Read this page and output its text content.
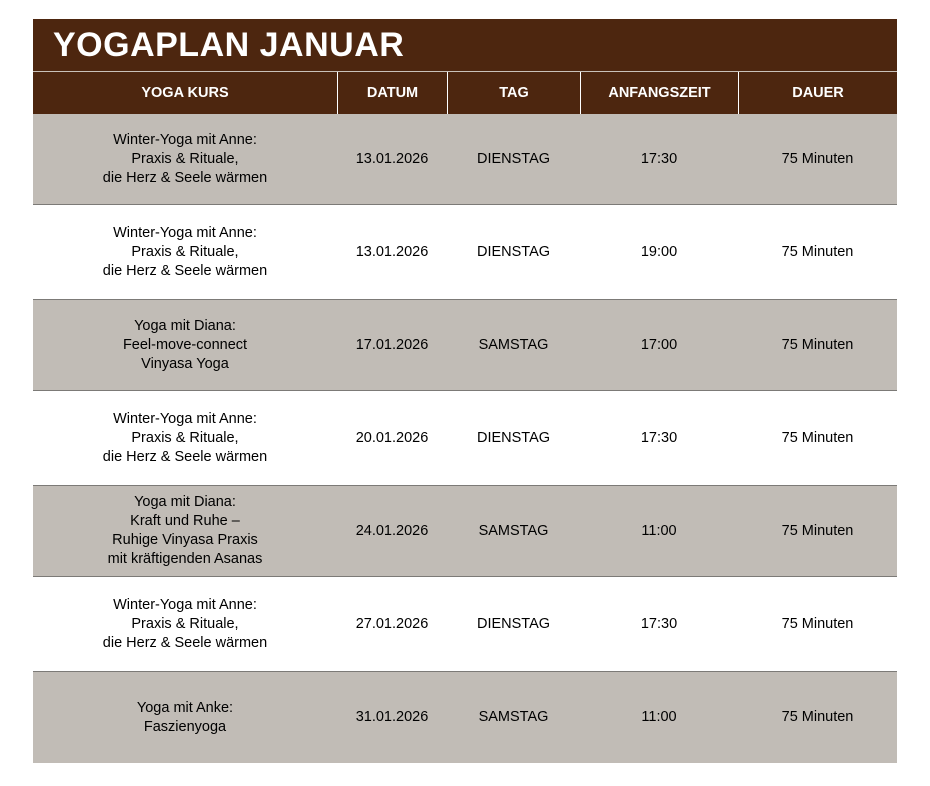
YOGAPLAN JANUAR
YOGA KURS	DATUM	TAG	ANFANGSZEIT	DAUER
Winter-Yoga mit Anne:
Praxis & Rituale,
die Herz & Seele wärmen
13.01.2026	DIENSTAG	17:30	75 Minuten
Winter-Yoga mit Anne:
Praxis & Rituale,
die Herz & Seele wärmen
13.01.2026	DIENSTAG	19:00	75 Minuten
Yoga mit Diana:
Feel-move-connect
Vinyasa Yoga
17.01.2026	SAMSTAG	17:00	75 Minuten
Winter-Yoga mit Anne:
Praxis & Rituale,
die Herz & Seele wärmen
20.01.2026	DIENSTAG	17:30	75 Minuten
Yoga mit Diana:
Kraft und Ruhe –
Ruhige Vinyasa Praxis
mit kräftigenden Asanas
24.01.2026	SAMSTAG	11:00	75 Minuten
Winter-Yoga mit Anne:
Praxis & Rituale,
die Herz & Seele wärmen
27.01.2026	DIENSTAG	17:30	75 Minuten
Yoga mit Anke:
Faszienyoga
31.01.2026	SAMSTAG	11:00	75 Minuten
